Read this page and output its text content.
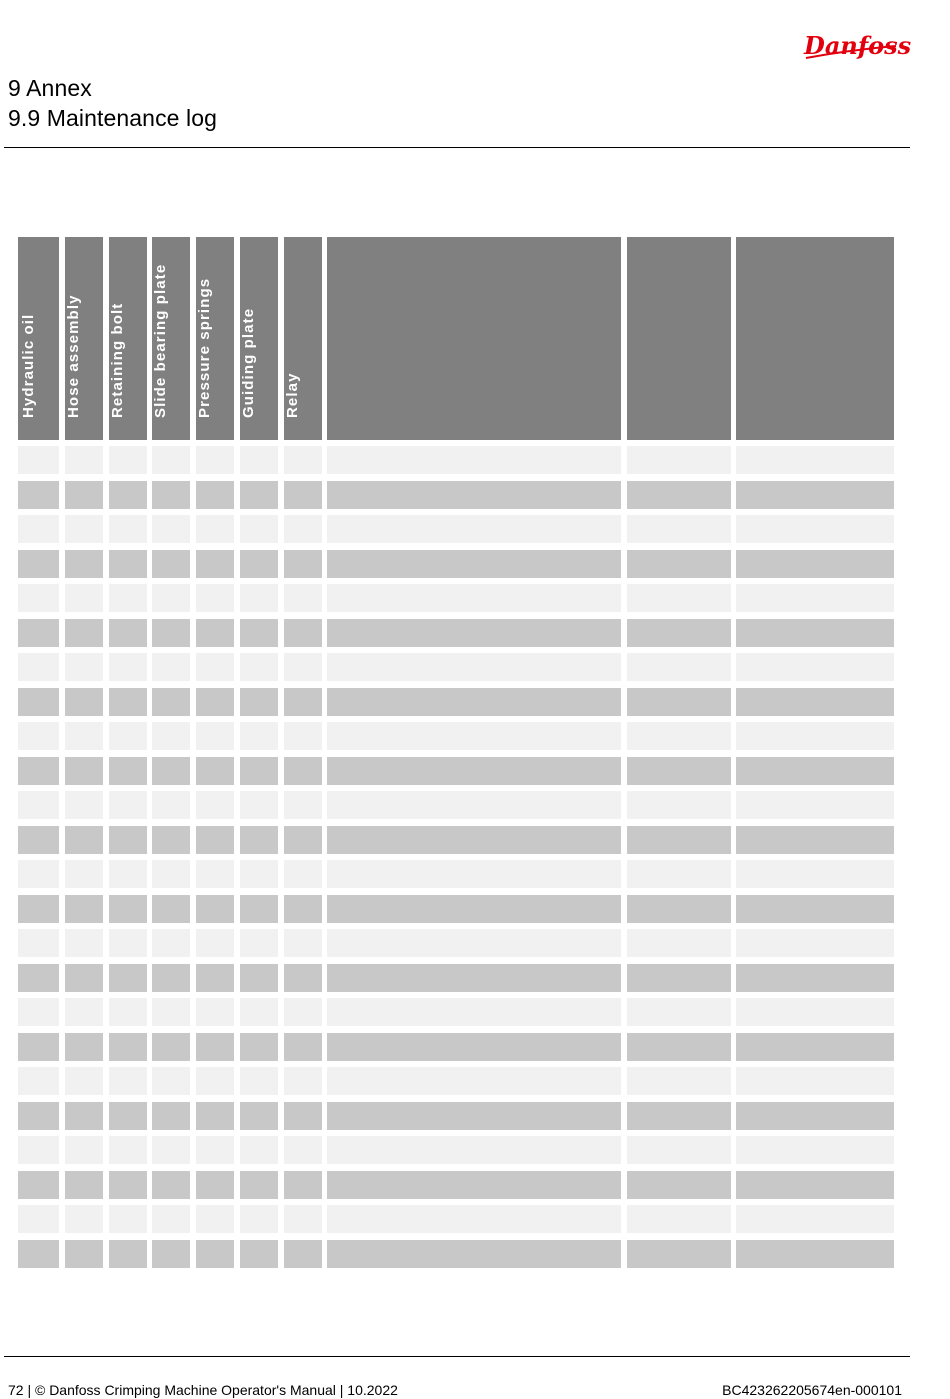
Danfoss
9 Annex
9.9 Maintenance log
Hydraulic oil Hose assembly Retaining bolt Slide bearing plate Pressure springs Guiding plate Relay
72 | © Danfoss Crimping Machine Operator's Manual | 10.2022	BC423262205674en-000101
